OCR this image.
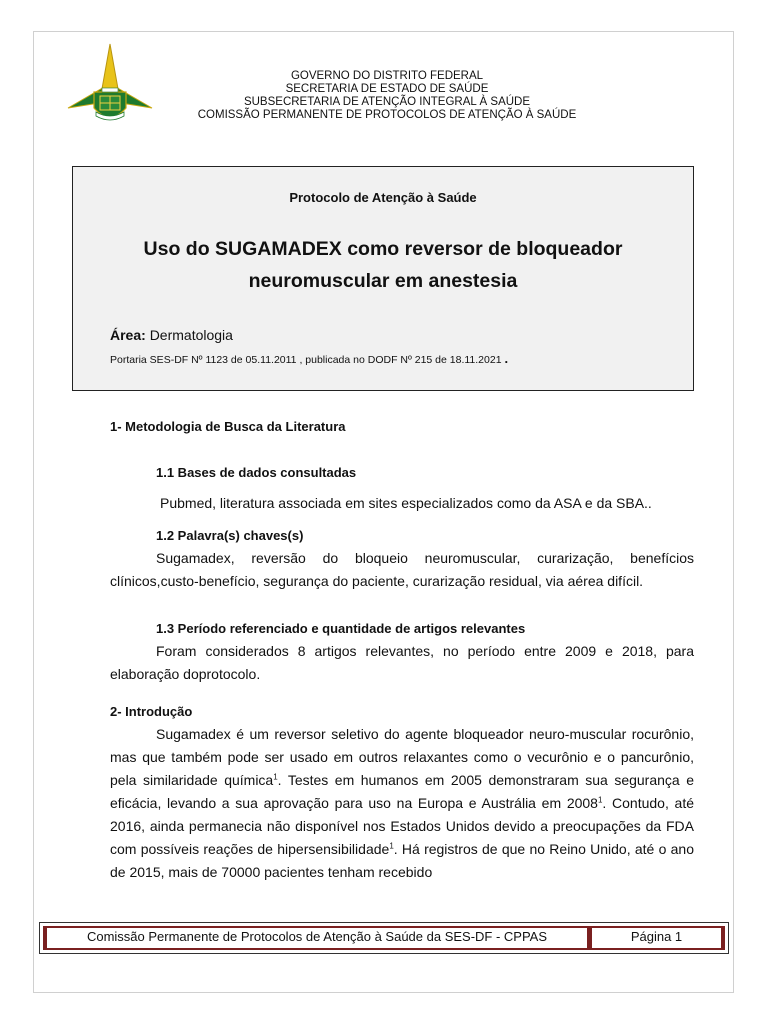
GOVERNO DO DISTRITO FEDERAL
SECRETARIA DE ESTADO DE SAÚDE
SUBSECRETARIA DE ATENÇÃO INTEGRAL À SAÚDE
COMISSÃO PERMANENTE DE PROTOCOLOS DE ATENÇÃO À SAÚDE
Protocolo de Atenção à Saúde
Uso do SUGAMADEX como reversor de bloqueador
neuromuscular em anestesia
Área: Dermatologia
Portaria SES-DF Nº 1123 de 05.11.2011 , publicada no DODF Nº 215 de 18.11.2021 .

1- Metodologia de Busca da Literatura

1.1 Bases de dados consultadas

Pubmed, literatura associada em sites especializados como da ASA e da SBA..

1.2 Palavra(s) chaves(s)

Sugamadex, reversão do bloqueio neuromuscular, curarização, benefícios clínicos,custo-benefício, segurança do paciente, curarização residual, via aérea difícil.

1.3 Período referenciado e quantidade de artigos relevantes

Foram considerados 8 artigos relevantes, no período entre 2009 e 2018, para elaboração doprotocolo.

2- Introdução

Sugamadex é um reversor seletivo do agente bloqueador neuro-muscular rocurônio, mas que também pode ser usado em outros relaxantes como o vecurônio e o pancurônio, pela similaridade química$^1$. Testes em humanos em 2005 demonstraram sua segurança e eficácia, levando a sua aprovação para uso na Europa e Austrália em 2008$^1$. Contudo, até 2016, ainda permanecia não disponível nos Estados Unidos devido a preocupações da FDA com possíveis reações de hipersensibilidade$^1$. Há registros de que no Reino Unido, até o ano de 2015, mais de 70000 pacientes tenham recebido

Comissão Permanente de Protocolos de Atenção à Saúde da SES-DF - CPPAS	Página 1
